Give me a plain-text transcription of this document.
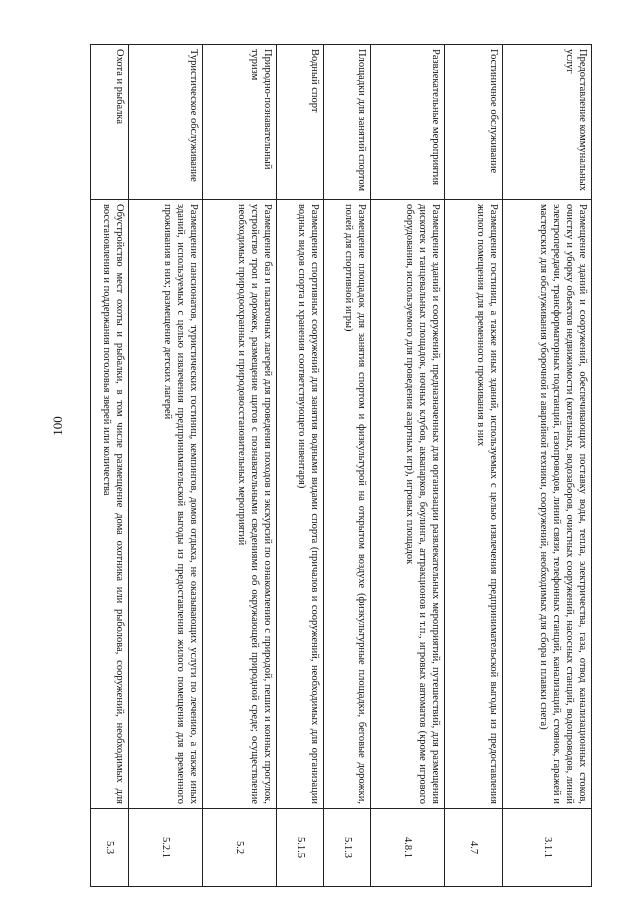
100
Предоставление коммунальных услуг	Размещение зданий и сооружений, обеспечивающих поставку воды, тепла, электричества, газа, отвод канализационных стоков, очистку и уборку объектов недвижимости (котельных, водозаборов, очистных сооружений, насосных станций, водопроводов, линий электропередачи, трансформаторных подстанций, газопроводов, линий связи, телефонных станций, канализаций, стоянок, гаражей и мастерских для обслуживания уборочной и аварийной техники, сооружений, необходимых для сбора и плавки снега)	3.1.1
Гостиничное обслуживание	Размещение гостиниц, а также иных зданий, используемых с целью извлечения предпринимательской выгоды из предоставления жилого помещения для временного проживания в них	4.7
Развлекательные мероприятия	Размещение зданий и сооружений, предназначенных для организации развлекательных мероприятий, путешествий, для размещения дискотек и танцевальных площадок, ночных клубов, аквапарков, боулинга, аттракционов и т.п., игровых автоматов (кроме игрового оборудования, используемого для проведения азартных игр), игровых площадок	4.8.1
Площадки для занятий спортом	Размещение площадок для занятия спортом и физкультурой на открытом воздухе (физкультурные площадки, беговые дорожки, полей для спортивной игры)	5.1.3
Водный спорт	Размещение спортивных сооружений для занятия водными видами спорта (причалов и сооружений, необходимых для организации водных видов спорта и хранения соответствующего инвентаря)	5.1.5
Природно-познавательный туризм	Размещение баз и палаточных лагерей для проведения походов и экскурсий по ознакомлению с природой, пеших и конных прогулок, устройство троп и дорожек, размещение щитов с познавательными сведениями об окружающей природной среде; осуществление необходимых природоохранных и природовосстановительных мероприятий	5.2
Туристическое обслуживание	Размещение пансионатов, туристических гостиниц, кемпингов, домов отдыха, не оказывающих услуги по лечению, а также иных зданий, используемых с целью извлечения предпринимательской выгоды из предоставления жилого помещения для временного проживания в них; размещение детских лагерей	5.2.1
Охота и рыбалка	Обустройство мест охоты и рыбалки, в том числе размещение дома охотника или рыболова, сооружений, необходимых для восстановления и поддержания поголовья зверей или количества	5.3
